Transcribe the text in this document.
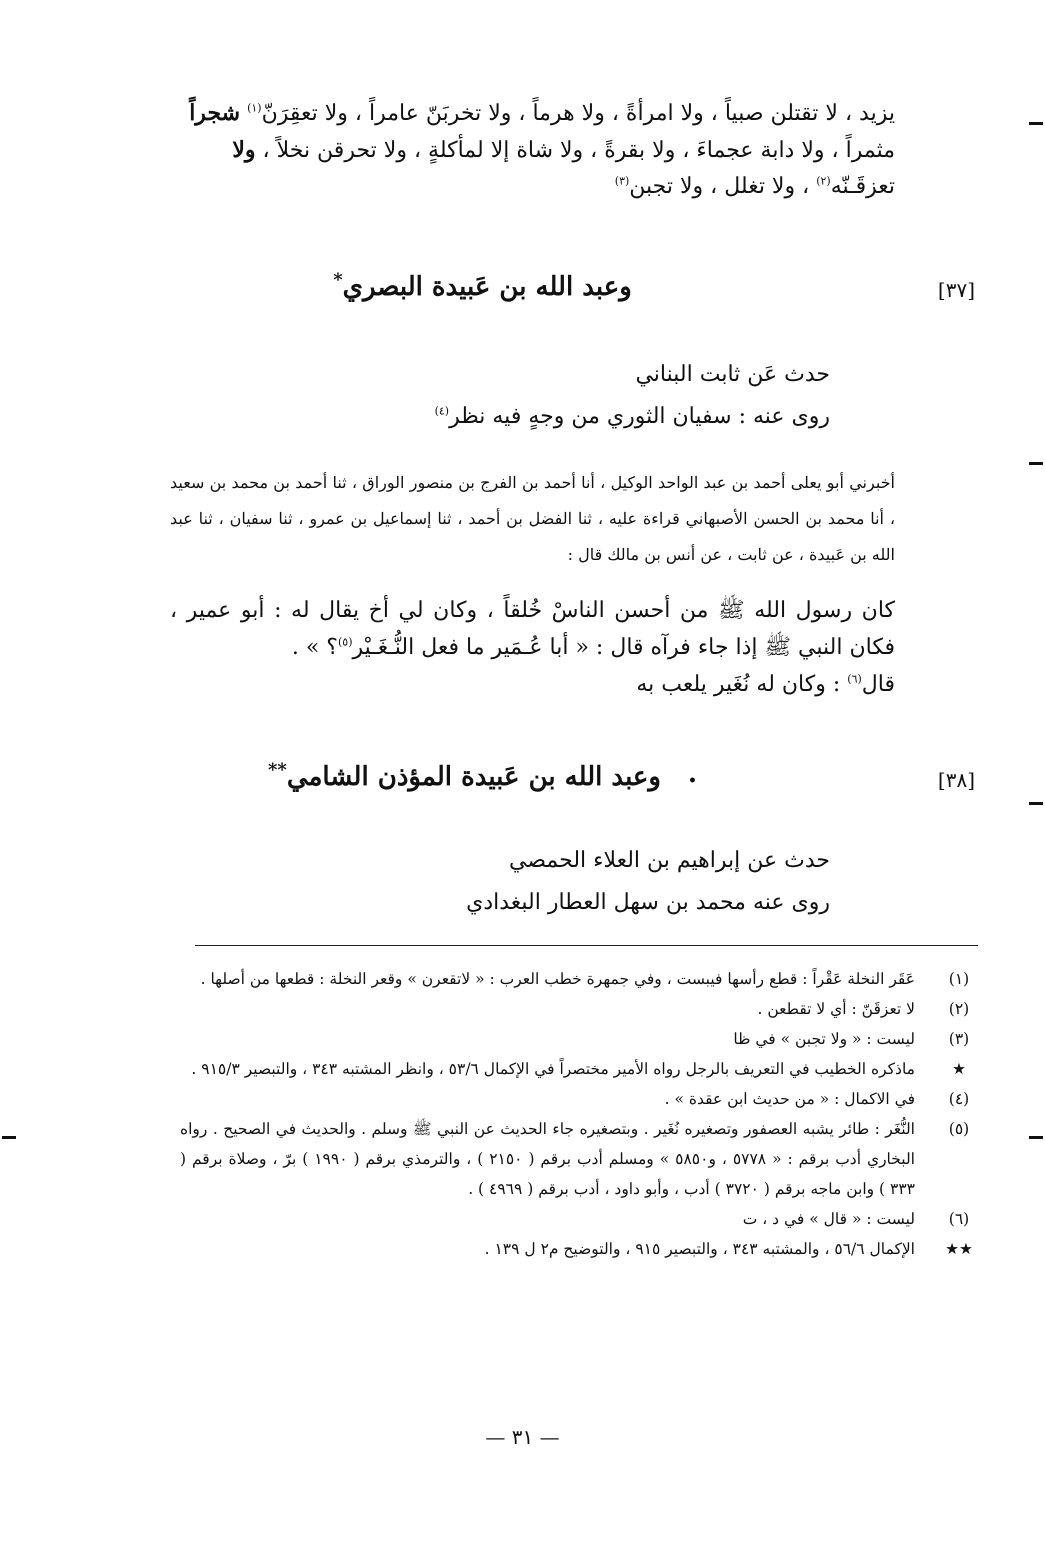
يزيد ، لا تقتلن صبياً ، ولا امرأةً ، ولا هرماً ، ولا تخربَنّ عامراً ، ولا تعقِرَنّ$^{(١)}$ شجراً
مثمراً ، ولا دابة عجماءَ ، ولا بقرةً ، ولا شاة إلا لمأكلةٍ ، ولا تحرقن نخلاً ، ولا
تعزقَـنّه$^{(٢)}$ ، ولا تغلل ، ولا تجبن$^{(٣)}$
[٣٧]
وعبد الله بن عَبيدة البصري*
حدث عَن ثابت البناني
روى عنه : سفيان الثوري من وجهٍ فيه نظر$^{(٤)}$
أخبرني أبو يعلى أحمد بن عبد الواحد الوكيل ، أنا أحمد بن الفرج بن منصور الوراق ، ثنا أحمد بن محمد بن سعيد ، أنا محمد بن الحسن الأصبهاني قراءة عليه ، ثنا الفضل بن أحمد ، ثنا إسماعيل بن عمرو ، ثنا سفيان ، ثنا عبد الله بن عَبيدة ، عن ثابت ، عن أنس بن مالك قال :
كان رسول الله ﷺ من أحسن الناسْ خُلقاً ، وكان لي أخ يقال له : أبو عمير ، فكان النبي ﷺ إذا جاء فرآه قال : « أبا عُـمَير ما فعل النُّـغَـيْر$^{(٥)}$؟ » .
قال$^{(٦)}$ : وكان له نُغَير يلعب به
[٣٨]
• وعبد الله بن عَبيدة المؤذن الشامي**
حدث عن إبراهيم بن العلاء الحمصي
روى عنه محمد بن سهل العطار البغدادي
(١)
عَقَر النخلة عَقْراً : قطع رأسها فيبست ، وفي جمهرة خطب العرب : « لاتقعرن » وقعر النخلة : قطعها من أصلها .
(٢)
لا تعزقَنّ : أي لا تقطعن .
(٣)
ليست : « ولا تجبن » في ظا
★
ماذكره الخطيب في التعريف بالرجل رواه الأمير مختصراً في الإكمال ٥٣/٦ ، وانظر المشتبه ٣٤٣ ، والتبصير ٩١٥/٣ .
(٤)
في الاكمال : « من حديث ابن عقدة » .
(٥)
النُّغَر : طائر يشبه العصفور وتصغيره نُغَير . وبتصغيره جاء الحديث عن النبي ﷺ وسلم . والحديث في الصحيح . رواه البخاري أدب برقم : « ٥٧٧٨ ، و٥٨٥٠ » ومسلم أدب برقم ( ٢١٥٠ ) ، والترمذي برقم ( ١٩٩٠ ) برّ ، وصلاة برقم ( ٣٣٣ ) وابن ماجه برقم ( ٣٧٢٠ ) أدب ، وأبو داود ، أدب برقم ( ٤٩٦٩ ) .
(٦)
ليست : « قال » في د ، ت
★★
الإكمال ٥٦/٦ ، والمشتبه ٣٤٣ ، والتبصير ٩١٥ ، والتوضيح م٢ ل ١٣٩ .
— ٣١ —
